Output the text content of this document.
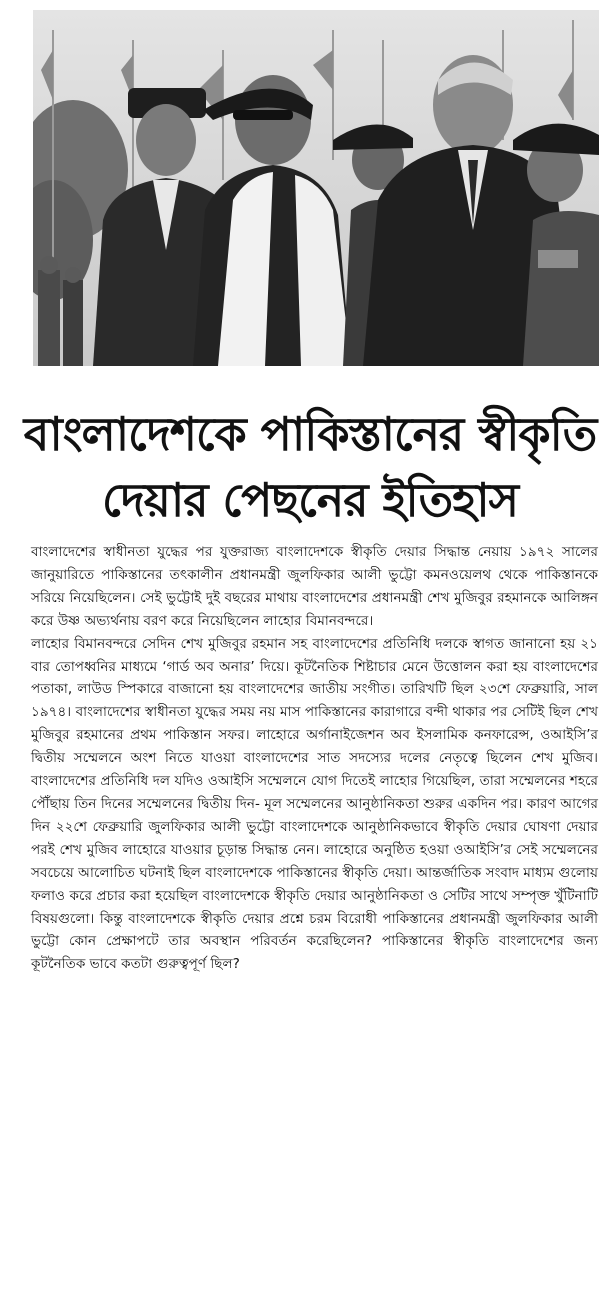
বাংলাদেশকে পাকিস্তানের স্বীকৃতি
দেয়ার পেছনের ইতিহাস

বাংলাদেশের স্বাধীনতা যুদ্ধের পর যুক্তরাজ্য বাংলাদেশকে স্বীকৃতি দেয়ার সিদ্ধান্ত নেয়ায় ১৯৭২ সালের জানুয়ারিতে পাকিস্তানের তৎকালীন প্রধানমন্ত্রী জুলফিকার আলী ভুট্টো কমনওয়েলথ থেকে পাকিস্তানকে সরিয়ে নিয়েছিলেন। সেই ভুট্টোই দুই বছরের মাথায় বাংলাদেশের প্রধানমন্ত্রী শেখ মুজিবুর রহমানকে আলিঙ্গন করে উষ্ণ অভ্যর্থনায় বরণ করে নিয়েছিলেন লাহোর বিমানবন্দরে।

লাহোর বিমানবন্দরে সেদিন শেখ মুজিবুর রহমান সহ বাংলাদেশের প্রতিনিধি দলকে স্বাগত জানানো হয় ২১ বার তোপধ্বনির মাধ্যমে ‘গার্ড অব অনার’ দিয়ে। কূটনৈতিক শিষ্টাচার মেনে উত্তোলন করা হয় বাংলাদেশের পতাকা, লাউড স্পিকারে বাজানো হয় বাংলাদেশের জাতীয় সংগীত। তারিখটি ছিল ২৩শে ফেব্রুয়ারি, সাল ১৯৭৪। বাংলাদেশের স্বাধীনতা যুদ্ধের সময় নয় মাস পাকিস্তানের কারাগারে বন্দী থাকার পর সেটিই ছিল শেখ মুজিবুর রহমানের প্রথম পাকিস্তান সফর। লাহোরে অর্গানাইজেশন অব ইসলামিক কনফারেন্স, ওআইসি’র দ্বিতীয় সম্মেলনে অংশ নিতে যাওয়া বাংলাদেশের সাত সদস্যের দলের নেতৃত্বে ছিলেন শেখ মুজিব। বাংলাদেশের প্রতিনিধি দল যদিও ওআইসি সম্মেলনে যোগ দিতেই লাহোর গিয়েছিল, তারা সম্মেলনের শহরে পৌঁছায় তিন দিনের সম্মেলনের দ্বিতীয় দিন- মূল সম্মেলনের আনুষ্ঠানিকতা শুরুর একদিন পর। কারণ আগের দিন ২২শে ফেব্রুয়ারি জুলফিকার আলী ভুট্টো বাংলাদেশকে আনুষ্ঠানিকভাবে স্বীকৃতি দেয়ার ঘোষণা দেয়ার পরই শেখ মুজিব লাহোরে যাওয়ার চূড়ান্ত সিদ্ধান্ত নেন। লাহোরে অনুষ্ঠিত হওয়া ওআইসি’র সেই সম্মেলনের সবচেয়ে আলোচিত ঘটনাই ছিল বাংলাদেশকে পাকিস্তানের স্বীকৃতি দেয়া। আন্তর্জাতিক সংবাদ মাধ্যম গুলোয় ফলাও করে প্রচার করা হয়েছিল বাংলাদেশকে স্বীকৃতি দেয়ার আনুষ্ঠানিকতা ও সেটির সাথে সম্পৃক্ত খুঁটিনাটি বিষয়গুলো। কিন্তু বাংলাদেশকে স্বীকৃতি দেয়ার প্রশ্নে চরম বিরোধী পাকিস্তানের প্রধানমন্ত্রী জুলফিকার আলী ভুট্টো কোন প্রেক্ষাপটে তার অবস্থান পরিবর্তন করেছিলেন? পাকিস্তানের স্বীকৃতি বাংলাদেশের জন্য কূটনৈতিক ভাবে কতটা গুরুত্বপূর্ণ ছিল?
